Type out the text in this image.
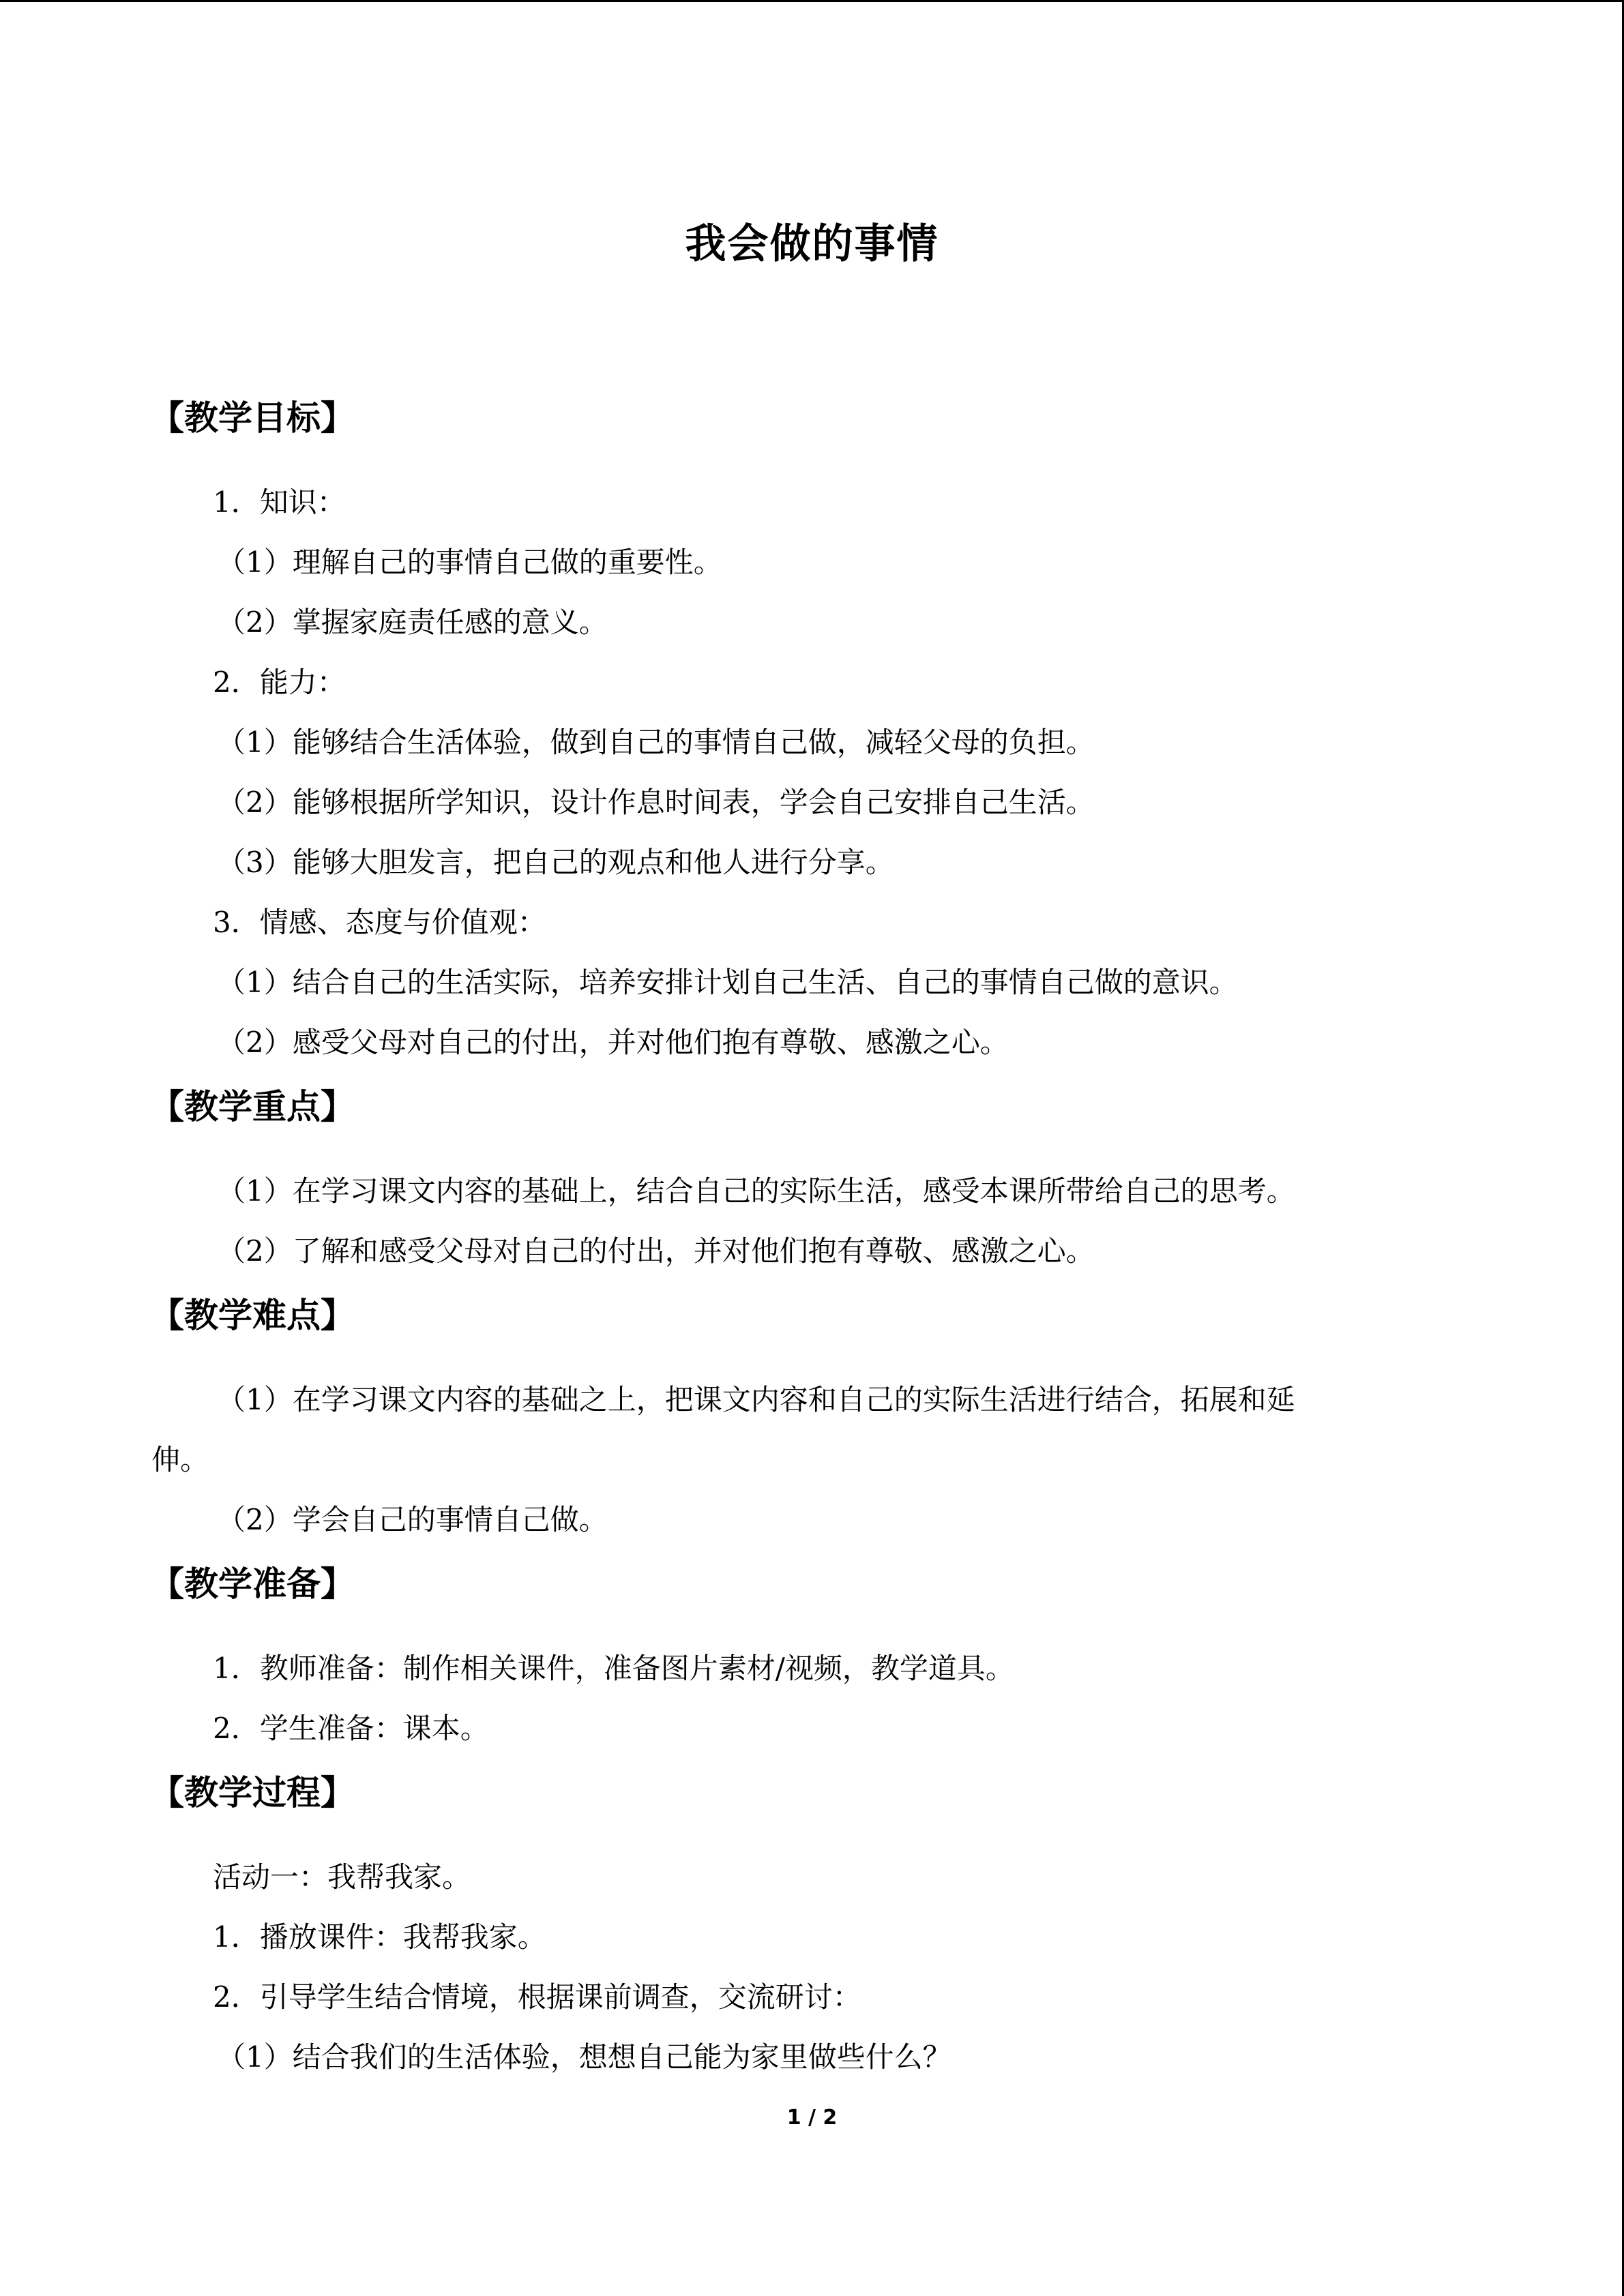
我会做的事情
【教学目标】
1．知识：
（1）理解自己的事情自己做的重要性。
（2）掌握家庭责任感的意义。
2．能力：
（1）能够结合生活体验，做到自己的事情自己做，减轻父母的负担。
（2）能够根据所学知识，设计作息时间表，学会自己安排自己生活。
（3）能够大胆发言，把自己的观点和他人进行分享。
3．情感、态度与价值观：
（1）结合自己的生活实际，培养安排计划自己生活、自己的事情自己做的意识。
（2）感受父母对自己的付出，并对他们抱有尊敬、感激之心。
【教学重点】
（1）在学习课文内容的基础上，结合自己的实际生活，感受本课所带给自己的思考。
（2）了解和感受父母对自己的付出，并对他们抱有尊敬、感激之心。
【教学难点】
（1）在学习课文内容的基础之上，把课文内容和自己的实际生活进行结合，拓展和延
伸。
（2）学会自己的事情自己做。
【教学准备】
1．教师准备：制作相关课件，准备图片素材/视频，教学道具。
2．学生准备：课本。
【教学过程】
活动一：我帮我家。
1．播放课件：我帮我家。
2．引导学生结合情境，根据课前调查，交流研讨：
（1）结合我们的生活体验，想想自己能为家里做些什么？
1 / 2
